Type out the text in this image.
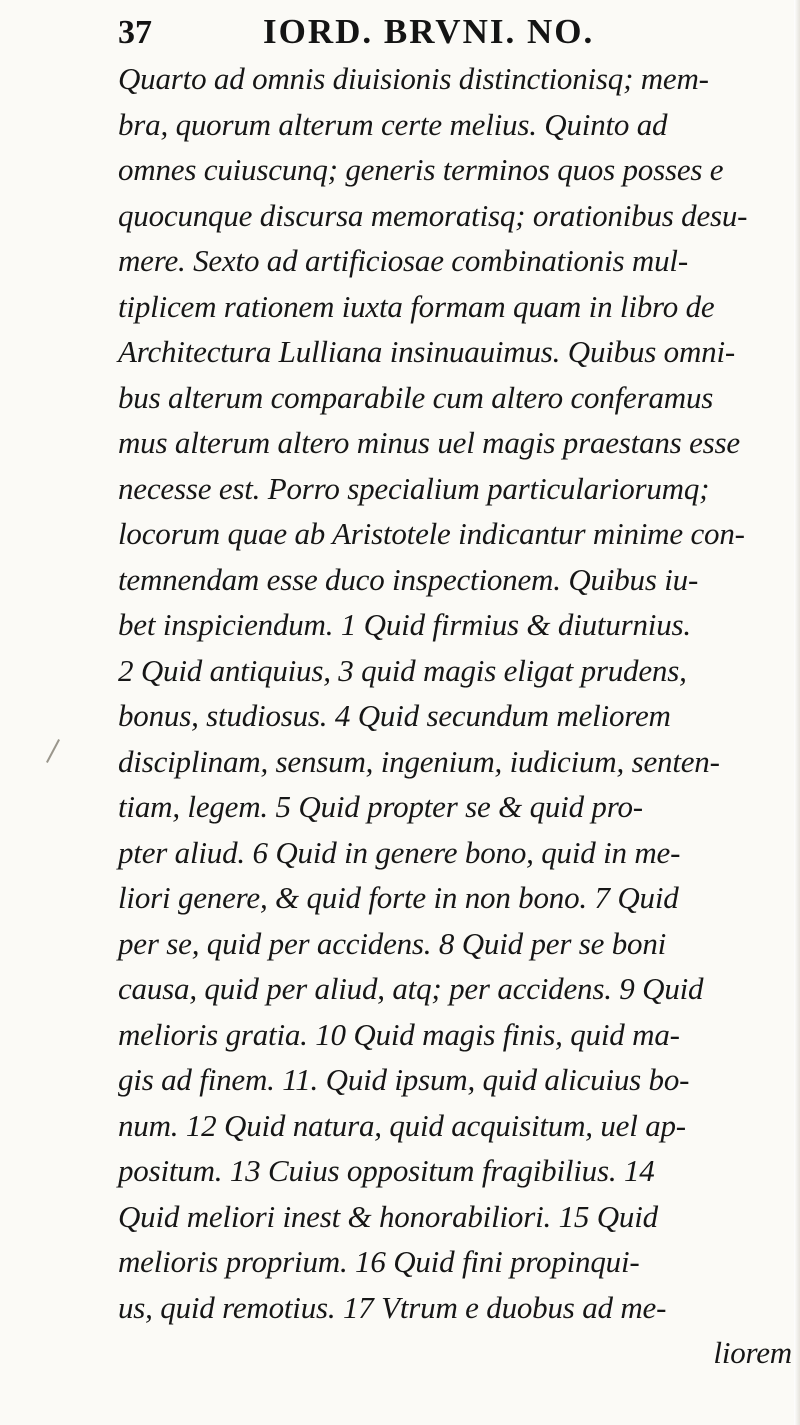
37	IORD. BRVNI. NO.
Quarto ad omnis diuisionis distinctionisq; mem-
bra, quorum alterum certe melius. Quinto ad
omnes cuiuscunq; generis terminos quos posses e
quocunque discursa memoratisq; orationibus desu-
mere. Sexto ad artificiosae combinationis mul-
tiplicem rationem iuxta formam quam in libro de
Architectura Lulliana insinuauimus. Quibus omni-
bus alterum comparabile cum altero conferamus
mus alterum altero minus uel magis praestans esse
necesse est. Porro specialium particulariorumq;
locorum quae ab Aristotele indicantur minime con-
temnendam esse duco inspectionem. Quibus iu-
bet inspiciendum. 1 Quid firmius & diuturnius.
2 Quid antiquius, 3 quid magis eligat prudens,
bonus, studiosus. 4 Quid secundum meliorem
disciplinam, sensum, ingenium, iudicium, senten-
tiam, legem. 5 Quid propter se & quid pro-
pter aliud. 6 Quid in genere bono, quid in me-
liori genere, & quid forte in non bono. 7 Quid
per se, quid per accidens. 8 Quid per se boni
causa, quid per aliud, atq; per accidens. 9 Quid
melioris gratia. 10 Quid magis finis, quid ma-
gis ad finem. 11. Quid ipsum, quid alicuius bo-
num. 12 Quid natura, quid acquisitum, uel ap-
positum. 13 Cuius oppositum fragibilius. 14
Quid meliori inest & honorabiliori. 15 Quid
melioris proprium. 16 Quid fini propinqui-
us, quid remotius. 17 Vtrum e duobus ad me-
liorem
